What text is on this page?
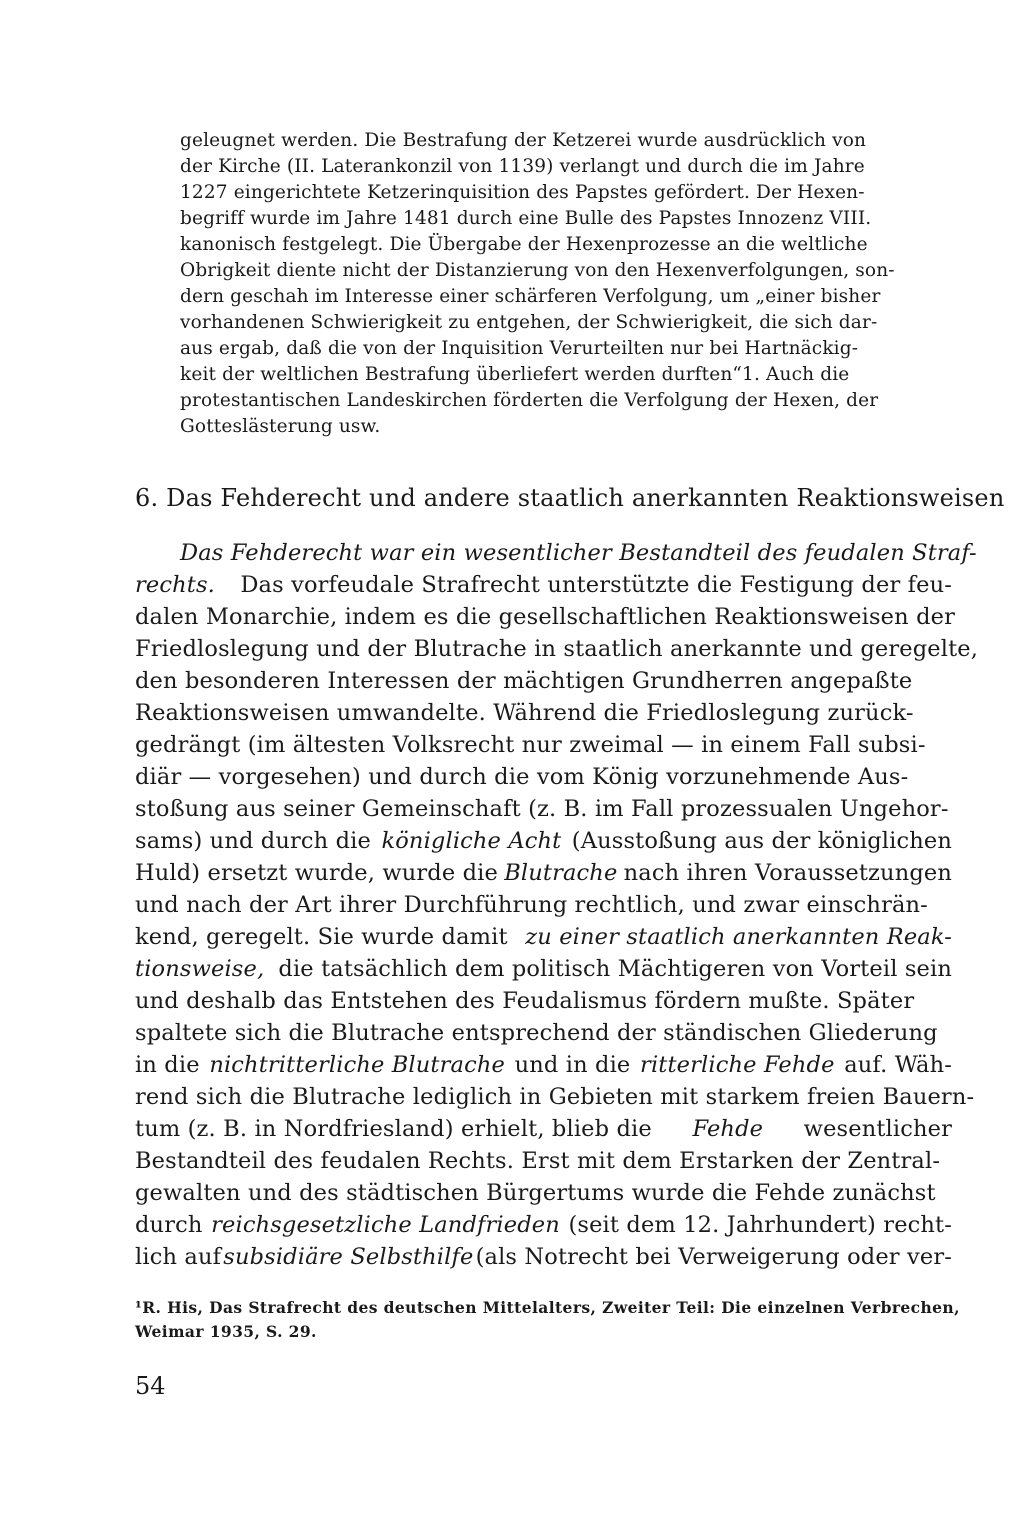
geleugnet werden. Die Bestrafung der Ketzerei wurde ausdrücklich von
der Kirche (II. Laterankonzil von 1139) verlangt und durch die im Jahre
1227 eingerichtete Ketzerinquisition des Papstes gefördert. Der Hexen-
begriff wurde im Jahre 1481 durch eine Bulle des Papstes Innozenz VIII.
kanonisch festgelegt. Die Übergabe der Hexenprozesse an die weltliche
Obrigkeit diente nicht der Distanzierung von den Hexenverfolgungen, son-
dern geschah im Interesse einer schärferen Verfolgung, um „einer bisher
vorhandenen Schwierigkeit zu entgehen, der Schwierigkeit, die sich dar-
aus ergab, daß die von der Inquisition Verurteilten nur bei Hartnäckig-
keit der weltlichen Bestrafung überliefert werden durften“1. Auch die
protestantischen Landeskirchen förderten die Verfolgung der Hexen, der
Gotteslästerung usw.
6. Das Fehderecht und andere staatlich anerkannten Reaktionsweisen
Das Fehderecht war ein wesentlicher Bestandteil des feudalen Straf-
rechts. Das vorfeudale Strafrecht unterstützte die Festigung der feu-
dalen Monarchie, indem es die gesellschaftlichen Reaktionsweisen der
Friedloslegung und der Blutrache in staatlich anerkannte und geregelte,
den besonderen Interessen der mächtigen Grundherren angepaßte
Reaktionsweisen umwandelte. Während die Friedloslegung zurück-
gedrängt (im ältesten Volksrecht nur zweimal — in einem Fall subsi-
diär — vorgesehen) und durch die vom König vorzunehmende Aus-
stoßung aus seiner Gemeinschaft (z. B. im Fall prozessualen Ungehor-
sams) und durch die königliche Acht (Ausstoßung aus der königlichen
Huld) ersetzt wurde, wurde die Blutrache nach ihren Voraussetzungen
und nach der Art ihrer Durchführung rechtlich, und zwar einschrän-
kend, geregelt. Sie wurde damit zu einer staatlich anerkannten Reak-
tionsweise, die tatsächlich dem politisch Mächtigeren von Vorteil sein
und deshalb das Entstehen des Feudalismus fördern mußte. Später
spaltete sich die Blutrache entsprechend der ständischen Gliederung
in die nichtritterliche Blutrache und in die ritterliche Fehde auf. Wäh-
rend sich die Blutrache lediglich in Gebieten mit starkem freien Bauern-
tum (z. B. in Nordfriesland) erhielt, blieb die Fehde wesentlicher
Bestandteil des feudalen Rechts. Erst mit dem Erstarken der Zentral-
gewalten und des städtischen Bürgertums wurde die Fehde zunächst
durch reichsgesetzliche Landfrieden (seit dem 12. Jahrhundert) recht-
lich auf subsidiäre Selbsthilfe (als Notrecht bei Verweigerung oder ver-
¹R. His, Das Strafrecht des deutschen Mittelalters, Zweiter Teil: Die einzelnen Verbrechen,
Weimar 1935, S. 29.
54
